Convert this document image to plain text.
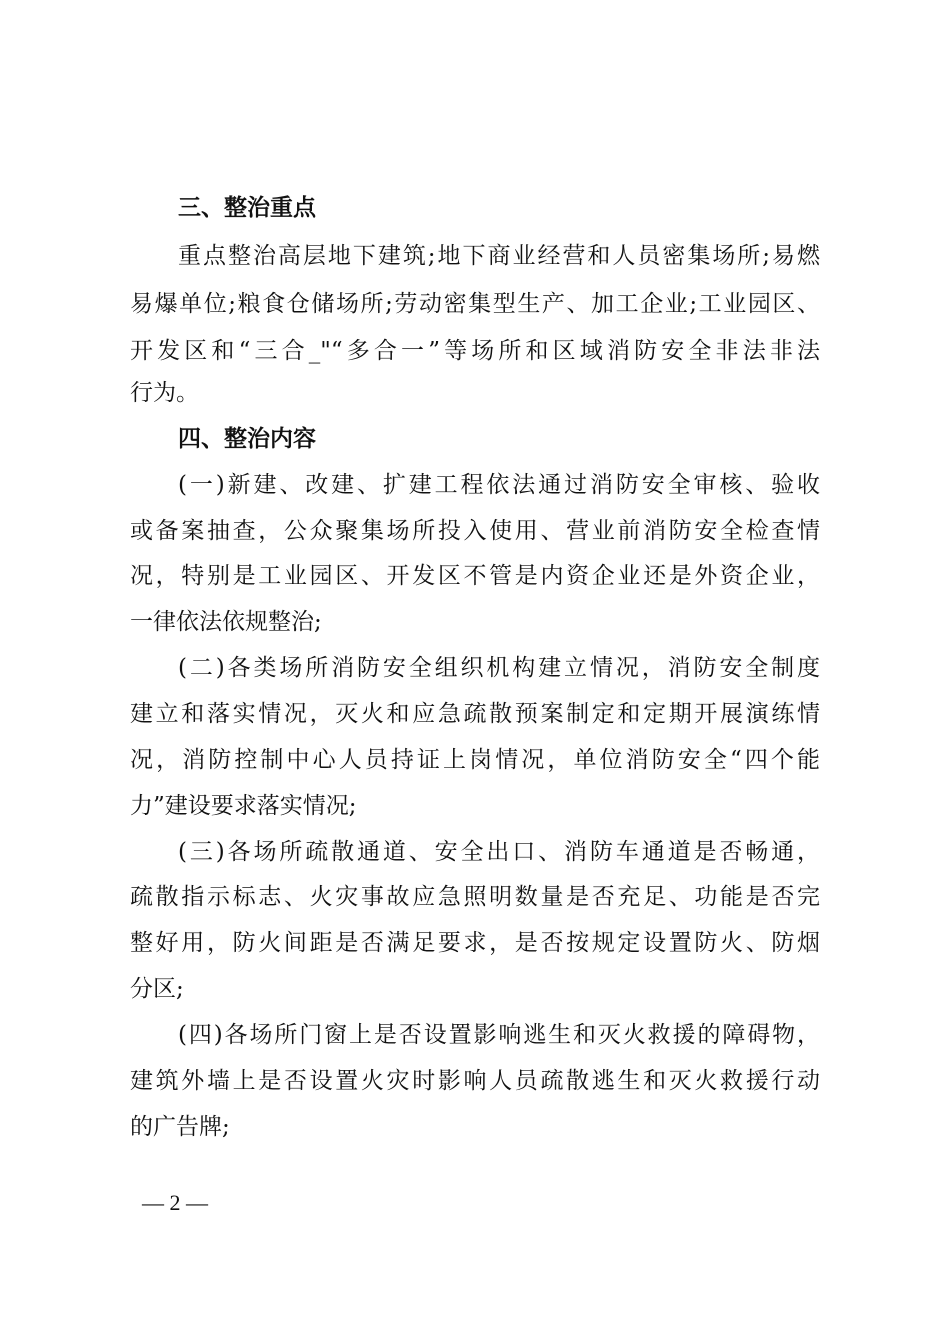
三、整治重点
重点整治高层地下建筑;地下商业经营和人员密集场所;易燃
易爆单位;粮食仓储场所;劳动密集型生产、加工企业;工业园区、
开发区和“三合_"“多合一”等场所和区域消防安全非法非法
行为。
四、整治内容
(一)新建、改建、扩建工程依法通过消防安全审核、验收
或备案抽查，公众聚集场所投入使用、营业前消防安全检查情
况，特别是工业园区、开发区不管是内资企业还是外资企业，
一律依法依规整治;
(二)各类场所消防安全组织机构建立情况，消防安全制度
建立和落实情况，灭火和应急疏散预案制定和定期开展演练情
况，消防控制中心人员持证上岗情况，单位消防安全“四个能
力”建设要求落实情况;
(三)各场所疏散通道、安全出口、消防车通道是否畅通，
疏散指示标志、火灾事故应急照明数量是否充足、功能是否完
整好用，防火间距是否满足要求，是否按规定设置防火、防烟
分区;
(四)各场所门窗上是否设置影响逃生和灭火救援的障碍物，
建筑外墙上是否设置火灾时影响人员疏散逃生和灭火救援行动
的广告牌;
— 2 —
